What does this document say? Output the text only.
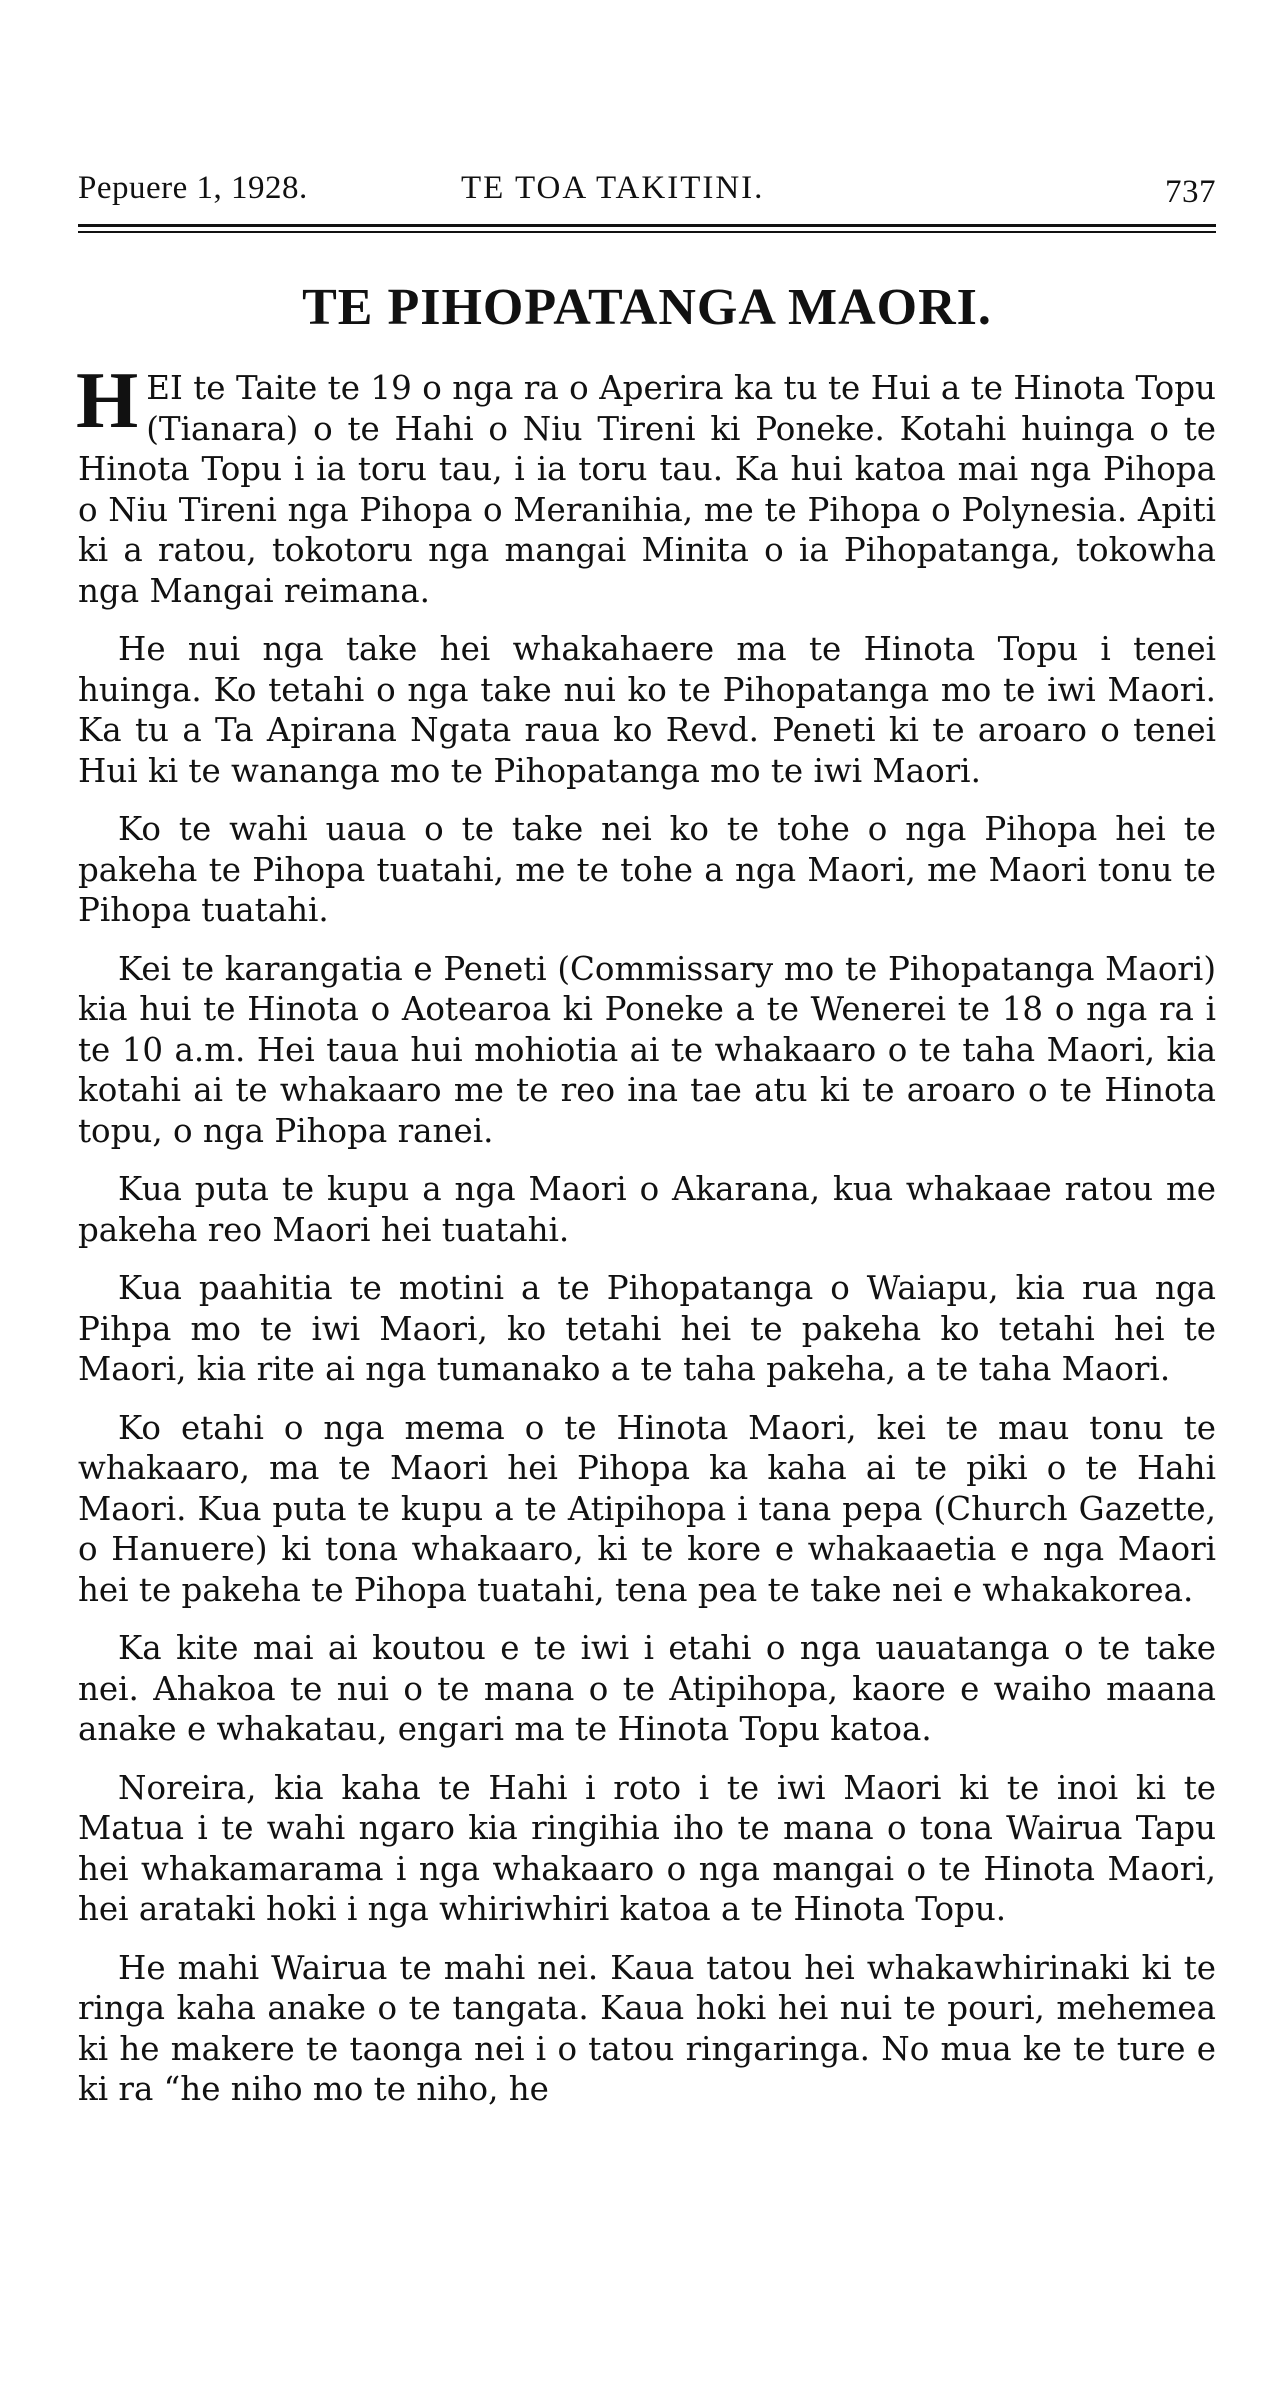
Pepuere 1, 1928.	TE TOA TAKITINI.	737
TE PIHOPATANGA MAORI.

HEI te Taite te 19 o nga ra o Aperira ka tu te Hui a te Hinota Topu (Tianara) o te Hahi o Niu Tireni ki Poneke. Kotahi huinga o te Hinota Topu i ia toru tau, i ia toru tau. Ka hui katoa mai nga Pihopa o Niu Tireni nga Pihopa o Meranihia, me te Pihopa o Polynesia. Apiti ki a ratou, tokotoru nga mangai Minita o ia Pihopatanga, tokowha nga Mangai reimana.

He nui nga take hei whakahaere ma te Hinota Topu i tenei huinga. Ko tetahi o nga take nui ko te Pihopatanga mo te iwi Maori. Ka tu a Ta Apirana Ngata raua ko Revd. Peneti ki te aroaro o tenei Hui ki te wananga mo te Pihopatanga mo te iwi Maori.

Ko te wahi uaua o te take nei ko te tohe o nga Pihopa hei te pakeha te Pihopa tuatahi, me te tohe a nga Maori, me Maori tonu te Pihopa tuatahi.

Kei te karangatia e Peneti (Commissary mo te Pihopatanga Maori) kia hui te Hinota o Aotearoa ki Poneke a te Wenerei te 18 o nga ra i te 10 a.m. Hei taua hui mohiotia ai te whakaaro o te taha Maori, kia kotahi ai te whakaaro me te reo ina tae atu ki te aroaro o te Hinota topu, o nga Pihopa ranei.

Kua puta te kupu a nga Maori o Akarana, kua whakaae ratou me pakeha reo Maori hei tuatahi.

Kua paahitia te motini a te Pihopatanga o Waiapu, kia rua nga Pihpa mo te iwi Maori, ko tetahi hei te pakeha ko tetahi hei te Maori, kia rite ai nga tumanako a te taha pakeha, a te taha Maori.

Ko etahi o nga mema o te Hinota Maori, kei te mau tonu te whakaaro, ma te Maori hei Pihopa ka kaha ai te piki o te Hahi Maori. Kua puta te kupu a te Atipihopa i tana pepa (Church Gazette, o Hanuere) ki tona whakaaro, ki te kore e whakaaetia e nga Maori hei te pakeha te Pihopa tuatahi, tena pea te take nei e whakakorea.

Ka kite mai ai koutou e te iwi i etahi o nga uauatanga o te take nei. Ahakoa te nui o te mana o te Atipihopa, kaore e waiho maana anake e whakatau, engari ma te Hinota Topu katoa.

Noreira, kia kaha te Hahi i roto i te iwi Maori ki te inoi ki te Matua i te wahi ngaro kia ringihia iho te mana o tona Wairua Tapu hei whakamarama i nga whakaaro o nga mangai o te Hinota Maori, hei arataki hoki i nga whiriwhiri katoa a te Hinota Topu.

He mahi Wairua te mahi nei. Kaua tatou hei whakawhirinaki ki te ringa kaha anake o te tangata. Kaua hoki hei nui te pouri, mehemea ki he makere te taonga nei i o tatou ringaringa. No mua ke te ture e ki ra “he niho mo te niho, he
